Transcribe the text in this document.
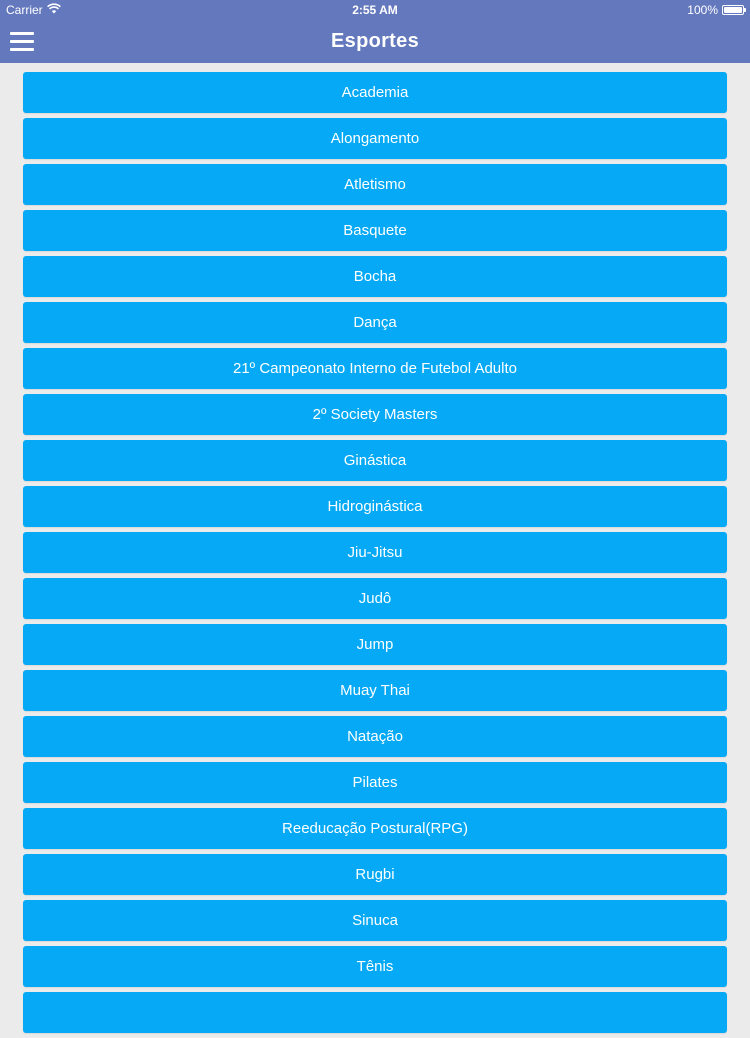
Carrier	2:55 AM	100%
Esportes
Academia
Alongamento
Atletismo
Basquete
Bocha
Dança
21º Campeonato Interno de Futebol Adulto
2º Society Masters
Ginástica
Hidroginástica
Jiu-Jitsu
Judô
Jump
Muay Thai
Natação
Pilates
Reeducação Postural(RPG)
Rugbi
Sinuca
Tênis
